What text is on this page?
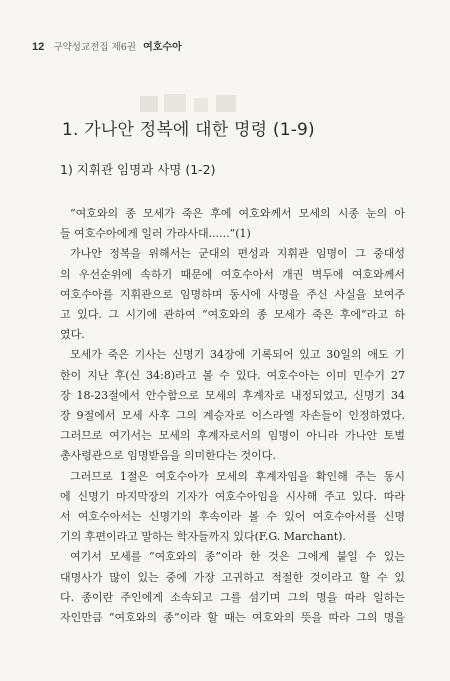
12 구약성교전집 제6권 여호수아
1. 가나안 정복에 대한 명령 (1-9)
1) 지휘관 임명과 사명 (1-2)
“여호와의 종 모세가 죽은 후에 여호와께서 모세의 시종 눈의 아
들 여호수아에게 일러 가라사대......”(1)
가나안 정복을 위해서는 군대의 편성과 지휘관 임명이 그 중대성
의 우선순위에 속하기 때문에 여호수아서 개권 벽두에 여호와께서
여호수아를 지휘관으로 임명하며 동시에 사명을 주신 사실을 보여주
고 있다. 그 시기에 관하여 “여호와의 종 모세가 죽은 후에”라고 하
였다.
모세가 죽은 기사는 신명기 34장에 기록되어 있고 30일의 애도 기
한이 지난 후(신 34:8)라고 볼 수 있다. 여호수아는 이미 민수기 27
장 18-23절에서 안수함으로 모세의 후계자로 내정되었고, 신명기 34
장 9절에서 모세 사후 그의 계승자로 이스라엘 자손들이 인정하였다.
그러므로 여기서는 모세의 후계자로서의 임명이 아니라 가나안 토벌
총사령관으로 임명받음을 의미한다는 것이다.
그러므로 1절은 여호수아가 모세의 후계자임을 확인해 주는 동시
에 신명기 마지막장의 기자가 여호수아임을 시사해 주고 있다. 따라
서 여호수아서는 신명기의 후속이라 볼 수 있어 여호수아서를 신명
기의 후편이라고 말하는 학자들까지 있다(F.G. Marchant).
여기서 모세를 “여호와의 종”이라 한 것은 그에게 붙일 수 있는
대명사가 많이 있는 중에 가장 고귀하고 적절한 것이라고 할 수 있
다. 종이란 주인에게 소속되고 그를 섬기며 그의 명을 따라 일하는
자인만큼 “여호와의 종”이라 할 때는 여호와의 뜻을 따라 그의 명을
